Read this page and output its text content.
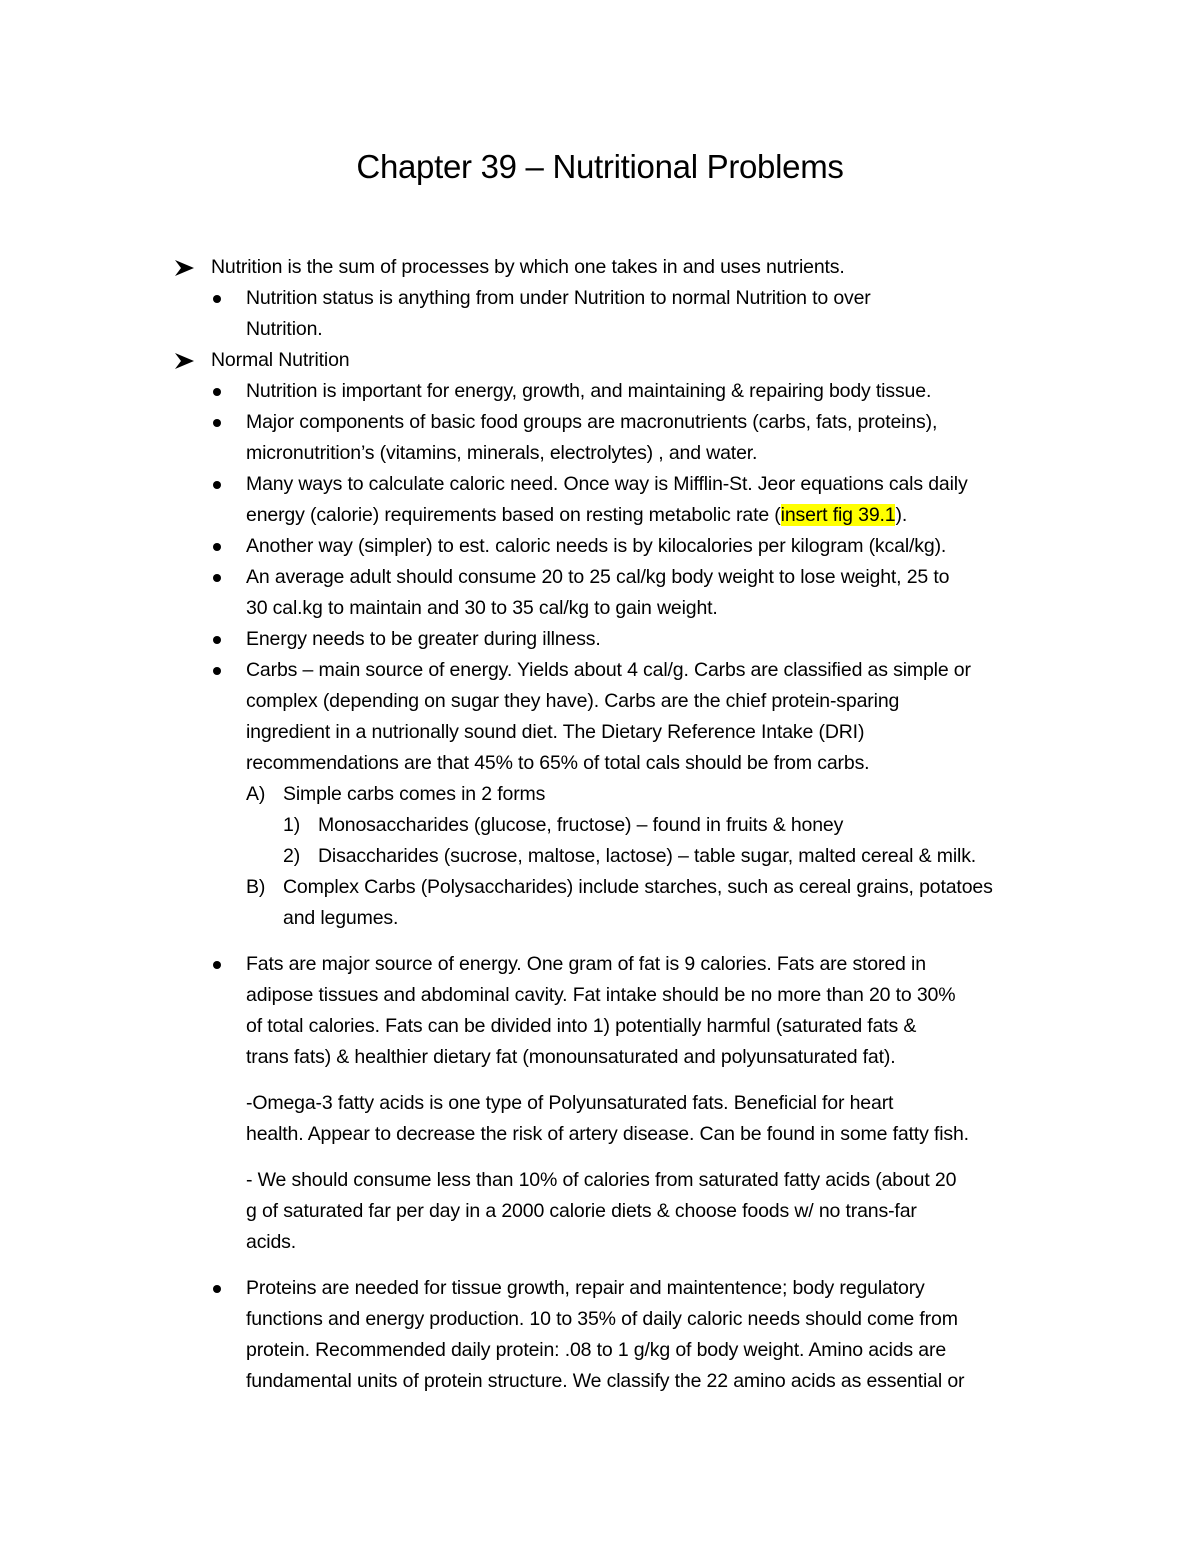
Chapter 39 – Nutritional Problems
Nutrition is the sum of processes by which one takes in and uses nutrients.
Nutrition status is anything from under Nutrition to normal Nutrition to over
Nutrition.
Normal Nutrition
Nutrition is important for energy, growth, and maintaining & repairing body tissue.
Major components of basic food groups are macronutrients (carbs, fats, proteins),
micronutrition’s (vitamins, minerals, electrolytes) , and water.
Many ways to calculate caloric need. Once way is Mifflin-St. Jeor equations cals daily
energy (calorie) requirements based on resting metabolic rate (insert fig 39.1).
Another way (simpler) to est. caloric needs is by kilocalories per kilogram (kcal/kg).
An average adult should consume 20 to 25 cal/kg body weight to lose weight, 25 to
30 cal.kg to maintain and 30 to 35 cal/kg to gain weight.
Energy needs to be greater during illness.
Carbs – main source of energy. Yields about 4 cal/g. Carbs are classified as simple or
complex (depending on sugar they have). Carbs are the chief protein-sparing
ingredient in a nutrionally sound diet. The Dietary Reference Intake (DRI)
recommendations are that 45% to 65% of total cals should be from carbs.
A) Simple carbs comes in 2 forms
1) Monosaccharides (glucose, fructose) – found in fruits & honey
2) Disaccharides (sucrose, maltose, lactose) – table sugar, malted cereal & milk.
B) Complex Carbs (Polysaccharides) include starches, such as cereal grains, potatoes
and legumes.
Fats are major source of energy. One gram of fat is 9 calories. Fats are stored in
adipose tissues and abdominal cavity. Fat intake should be no more than 20 to 30%
of total calories. Fats can be divided into 1) potentially harmful (saturated fats &
trans fats) & healthier dietary fat (monounsaturated and polyunsaturated fat).
-Omega-3 fatty acids is one type of Polyunsaturated fats. Beneficial for heart
health. Appear to decrease the risk of artery disease. Can be found in some fatty fish.
- We should consume less than 10% of calories from saturated fatty acids (about 20
g of saturated far per day in a 2000 calorie diets & choose foods w/ no trans-far
acids.
Proteins are needed for tissue growth, repair and maintentence; body regulatory
functions and energy production. 10 to 35% of daily caloric needs should come from
protein. Recommended daily protein: .08 to 1 g/kg of body weight. Amino acids are
fundamental units of protein structure. We classify the 22 amino acids as essential or
